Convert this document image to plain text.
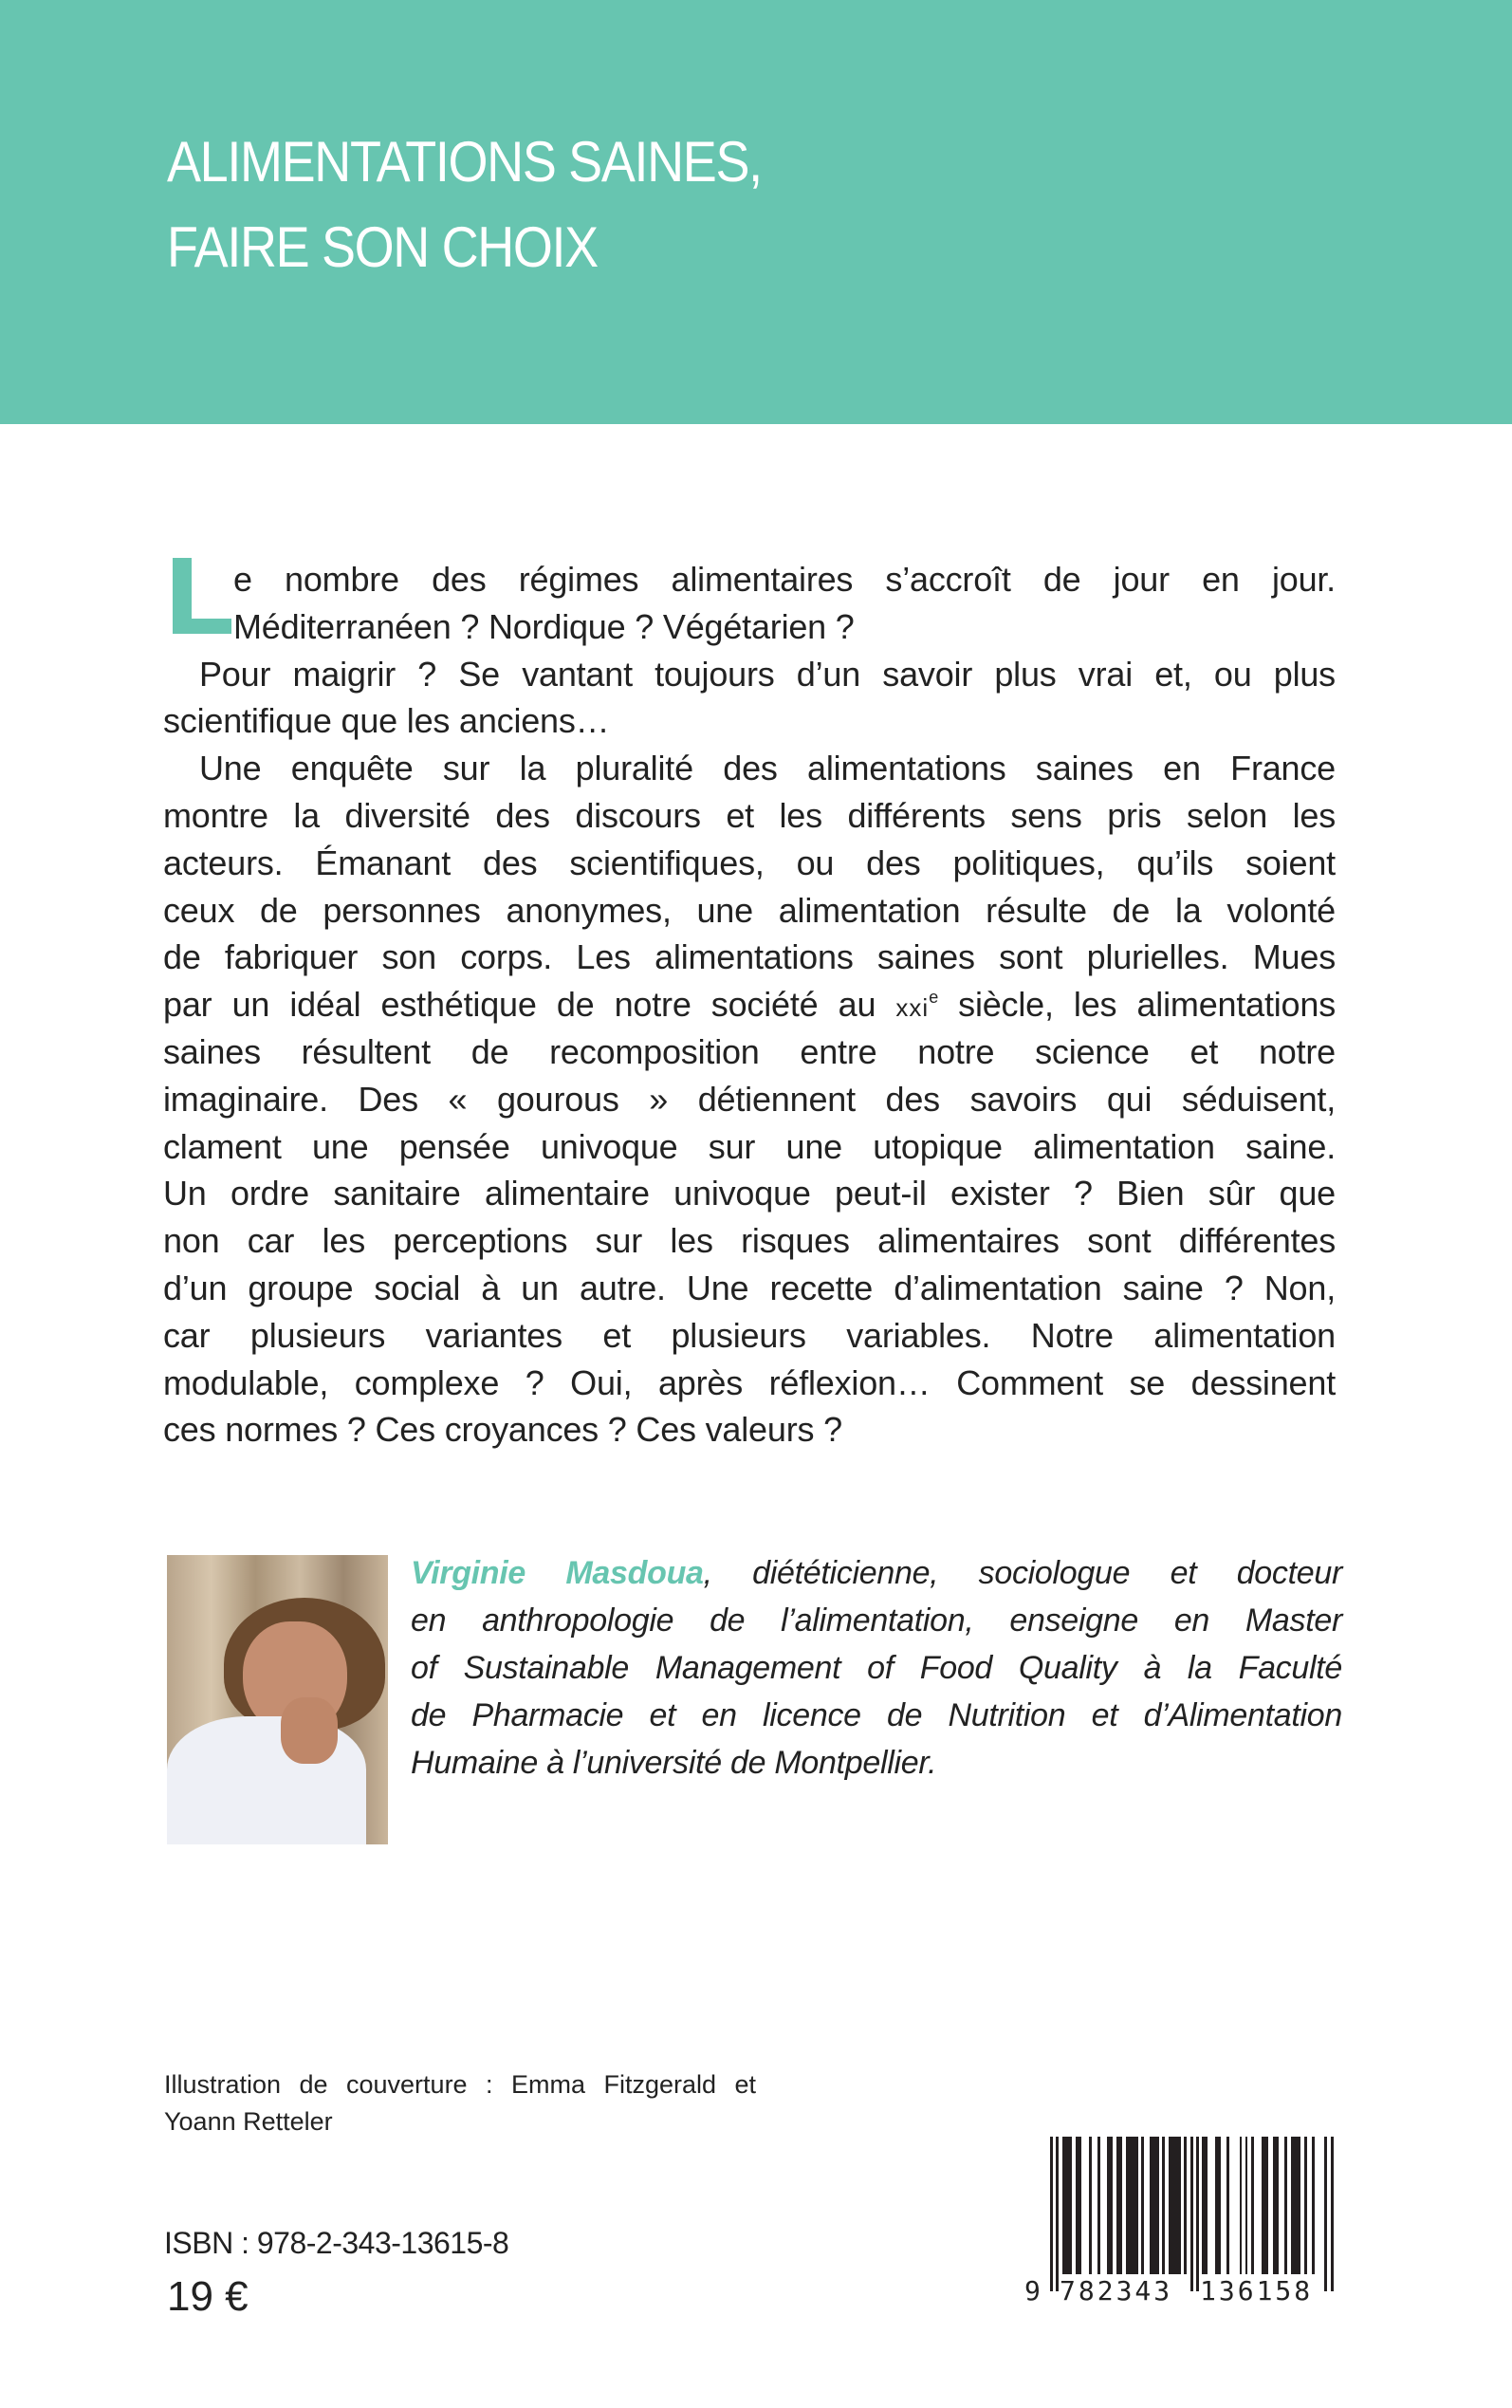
ALIMENTATIONS SAINES,
FAIRE SON CHOIX
e nombre des régimes alimentaires s’accroît de jour en jour.
Méditerranéen ? Nordique ? Végétarien ?
Pour maigrir ? Se vantant toujours d’un savoir plus vrai et, ou plus
scientifique que les anciens…
Une enquête sur la pluralité des alimentations saines en France
montre la diversité des discours et les différents sens pris selon les
acteurs. Émanant des scientifiques, ou des politiques, qu’ils soient
ceux de personnes anonymes, une alimentation résulte de la volonté
de fabriquer son corps. Les alimentations saines sont plurielles. Mues
par un idéal esthétique de notre société au xxi$^e$ siècle, les alimentations
saines résultent de recomposition entre notre science et notre
imaginaire. Des « gourous » détiennent des savoirs qui séduisent,
clament une pensée univoque sur une utopique alimentation saine.
Un ordre sanitaire alimentaire univoque peut-il exister ? Bien sûr que
non car les perceptions sur les risques alimentaires sont différentes
d’un groupe social à un autre. Une recette d’alimentation saine ? Non,
car plusieurs variantes et plusieurs variables. Notre alimentation
modulable, complexe ? Oui, après réflexion… Comment se dessinent
ces normes ? Ces croyances ? Ces valeurs ?
Virginie Masdoua, diététicienne, sociologue et docteur
en anthropologie de l’alimentation, enseigne en Master
of Sustainable Management of Food Quality à la Faculté
de Pharmacie et en licence de Nutrition et d’Alimentation
Humaine à l’université de Montpellier.
Illustration de couverture : Emma Fitzgerald et
Yoann Retteler
ISBN : 978-2-343-13615-8
19 €	9 782343 136158
